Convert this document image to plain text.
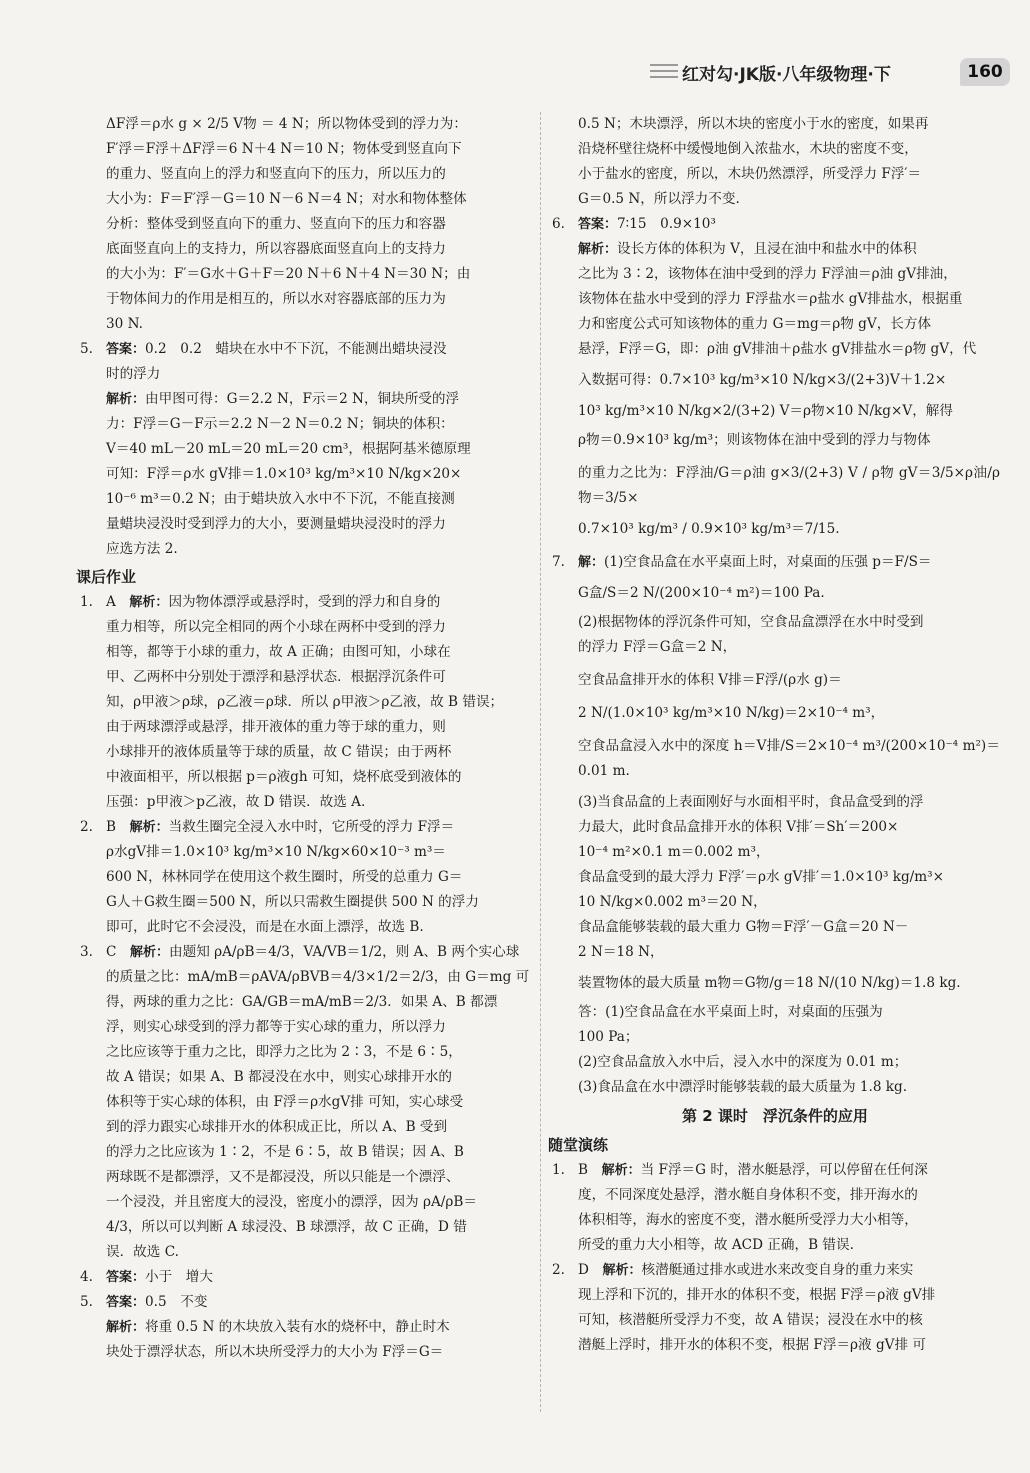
红对勾·JK版·八年级物理·下	160

ΔF浮＝ρ水 g × 2/5 V物 ＝ 4 N；所以物体受到的浮力为：

F′浮＝F浮＋ΔF浮＝6 N＋4 N＝10 N；物体受到竖直向下

的重力、竖直向上的浮力和竖直向下的压力，所以压力的

大小为：F＝F′浮－G＝10 N－6 N＝4 N；对水和物体整体

分析：整体受到竖直向下的重力、竖直向下的压力和容器

底面竖直向上的支持力，所以容器底面竖直向上的支持力

的大小为：F′＝G水＋G＋F＝20 N＋6 N＋4 N＝30 N；由

于物体间力的作用是相互的，所以水对容器底部的压力为

30 N.

5. 答案：0.2　0.2　蜡块在水中不下沉，不能测出蜡块浸没

时的浮力

解析：由甲图可得：G＝2.2 N，F示＝2 N，铜块所受的浮

力：F浮＝G－F示＝2.2 N－2 N＝0.2 N；铜块的体积：

V＝40 mL－20 mL＝20 mL＝20 cm³，根据阿基米德原理

可知：F浮＝ρ水 gV排＝1.0×10³ kg/m³×10 N/kg×20×

10⁻⁶ m³＝0.2 N；由于蜡块放入水中不下沉，不能直接测

量蜡块浸没时受到浮力的大小，要测量蜡块浸没时的浮力

应选方法 2.

课后作业
1. A　 解析：因为物体漂浮或悬浮时，受到的浮力和自身的

重力相等，所以完全相同的两个小球在两杯中受到的浮力

相等，都等于小球的重力，故 A 正确；由图可知，小球在

甲、乙两杯中分别处于漂浮和悬浮状态．根据浮沉条件可

知，ρ甲液＞ρ球，ρ乙液＝ρ球．所以 ρ甲液＞ρ乙液，故 B 错误；

由于两球漂浮或悬浮，排开液体的重力等于球的重力，则

小球排开的液体质量等于球的质量，故 C 错误；由于两杯

中液面相平，所以根据 p＝ρ液gh 可知，烧杯底受到液体的

压强：p甲液＞p乙液，故 D 错误．故选 A.

2. B　 解析：当救生圈完全浸入水中时，它所受的浮力 F浮＝

ρ水gV排＝1.0×10³ kg/m³×10 N/kg×60×10⁻³ m³＝

600 N，林林同学在使用这个救生圈时，所受的总重力 G＝

G人＋G救生圈＝500 N，所以只需救生圈提供 500 N 的浮力

即可，此时它不会浸没，而是在水面上漂浮，故选 B.

3. C　 解析：由题知 ρA/ρB＝4/3，VA/VB＝1/2，则 A、B 两个实心球

的质量之比：mA/mB＝ρAVA/ρBVB＝4/3×1/2＝2/3，由 G＝mg 可

得，两球的重力之比：GA/GB＝mA/mB＝2/3．如果 A、B 都漂

浮，则实心球受到的浮力都等于实心球的重力，所以浮力

之比应该等于重力之比，即浮力之比为 2∶3，不是 6∶5，

故 A 错误；如果 A、B 都浸没在水中，则实心球排开水的

体积等于实心球的体积，由 F浮＝ρ水gV排 可知，实心球受

到的浮力跟实心球排开水的体积成正比，所以 A、B 受到

的浮力之比应该为 1∶2，不是 6∶5，故 B 错误；因 A、B

两球既不是都漂浮，又不是都浸没，所以只能是一个漂浮、

一个浸没，并且密度大的浸没，密度小的漂浮，因为 ρA/ρB＝

4/3，所以可以判断 A 球浸没、B 球漂浮，故 C 正确，D 错

误．故选 C.

4. 答案：小于　增大

5. 答案：0.5　不变

解析：将重 0.5 N 的木块放入装有水的烧杯中，静止时木

块处于漂浮状态，所以木块所受浮力的大小为 F浮＝G＝

0.5 N；木块漂浮，所以木块的密度小于水的密度，如果再

沿烧杯壁往烧杯中缓慢地倒入浓盐水，木块的密度不变，

小于盐水的密度，所以，木块仍然漂浮，所受浮力 F浮′＝

G＝0.5 N，所以浮力不变.

6. 答案：7∶15　0.9×10³

解析：设长方体的体积为 V，且浸在油中和盐水中的体积

之比为 3∶2，该物体在油中受到的浮力 F浮油＝ρ油 gV排油，

该物体在盐水中受到的浮力 F浮盐水＝ρ盐水 gV排盐水，根据重

力和密度公式可知该物体的重力 G＝mg＝ρ物 gV，长方体

悬浮，F浮＝G，即：ρ油 gV排油＋ρ盐水 gV排盐水＝ρ物 gV，代

入数据可得：0.7×10³ kg/m³×10 N/kg×3/(2+3)V＋1.2×

10³ kg/m³×10 N/kg×2/(3+2) V＝ρ物×10 N/kg×V，解得

ρ物＝0.9×10³ kg/m³；则该物体在油中受到的浮力与物体

的重力之比为：F浮油/G＝ρ油 g×3/(2+3) V / ρ物 gV＝3/5×ρ油/ρ物＝3/5×

0.7×10³ kg/m³ / 0.9×10³ kg/m³＝7/15.

7. 解：(1)空食品盒在水平桌面上时，对桌面的压强 p＝F/S＝

G盒/S＝2 N/(200×10⁻⁴ m²)＝100 Pa.

(2)根据物体的浮沉条件可知，空食品盒漂浮在水中时受到

的浮力 F浮＝G盒＝2 N，

空食品盒排开水的体积 V排＝F浮/(ρ水 g)＝

2 N/(1.0×10³ kg/m³×10 N/kg)＝2×10⁻⁴ m³，

空食品盒浸入水中的深度 h＝V排/S＝2×10⁻⁴ m³/(200×10⁻⁴ m²)＝0.01 m.

(3)当食品盒的上表面刚好与水面相平时，食品盒受到的浮

力最大，此时食品盒排开水的体积 V排′＝Sh′＝200×

10⁻⁴ m²×0.1 m＝0.002 m³，

食品盒受到的最大浮力 F浮′＝ρ水 gV排′＝1.0×10³ kg/m³×

10 N/kg×0.002 m³＝20 N，

食品盒能够装载的最大重力 G物＝F浮′－G盒＝20 N－

2 N＝18 N，

装置物体的最大质量 m物＝G物/g＝18 N/(10 N/kg)＝1.8 kg.

答：(1)空食品盒在水平桌面上时，对桌面的压强为

100 Pa；

(2)空食品盒放入水中后，浸入水中的深度为 0.01 m；

(3)食品盒在水中漂浮时能够装载的最大质量为 1.8 kg.

第 2 课时　浮沉条件的应用
随堂演练
1. B　 解析：当 F浮＝G 时，潜水艇悬浮，可以停留在任何深

度，不同深度处悬浮，潜水艇自身体积不变，排开海水的

体积相等，海水的密度不变，潜水艇所受浮力大小相等，

所受的重力大小相等，故 ACD 正确，B 错误.

2. D　 解析：核潜艇通过排水或进水来改变自身的重力来实

现上浮和下沉的，排开水的体积不变，根据 F浮＝ρ液 gV排

可知，核潜艇所受浮力不变，故 A 错误；浸没在水中的核

潜艇上浮时，排开水的体积不变，根据 F浮＝ρ液 gV排 可
